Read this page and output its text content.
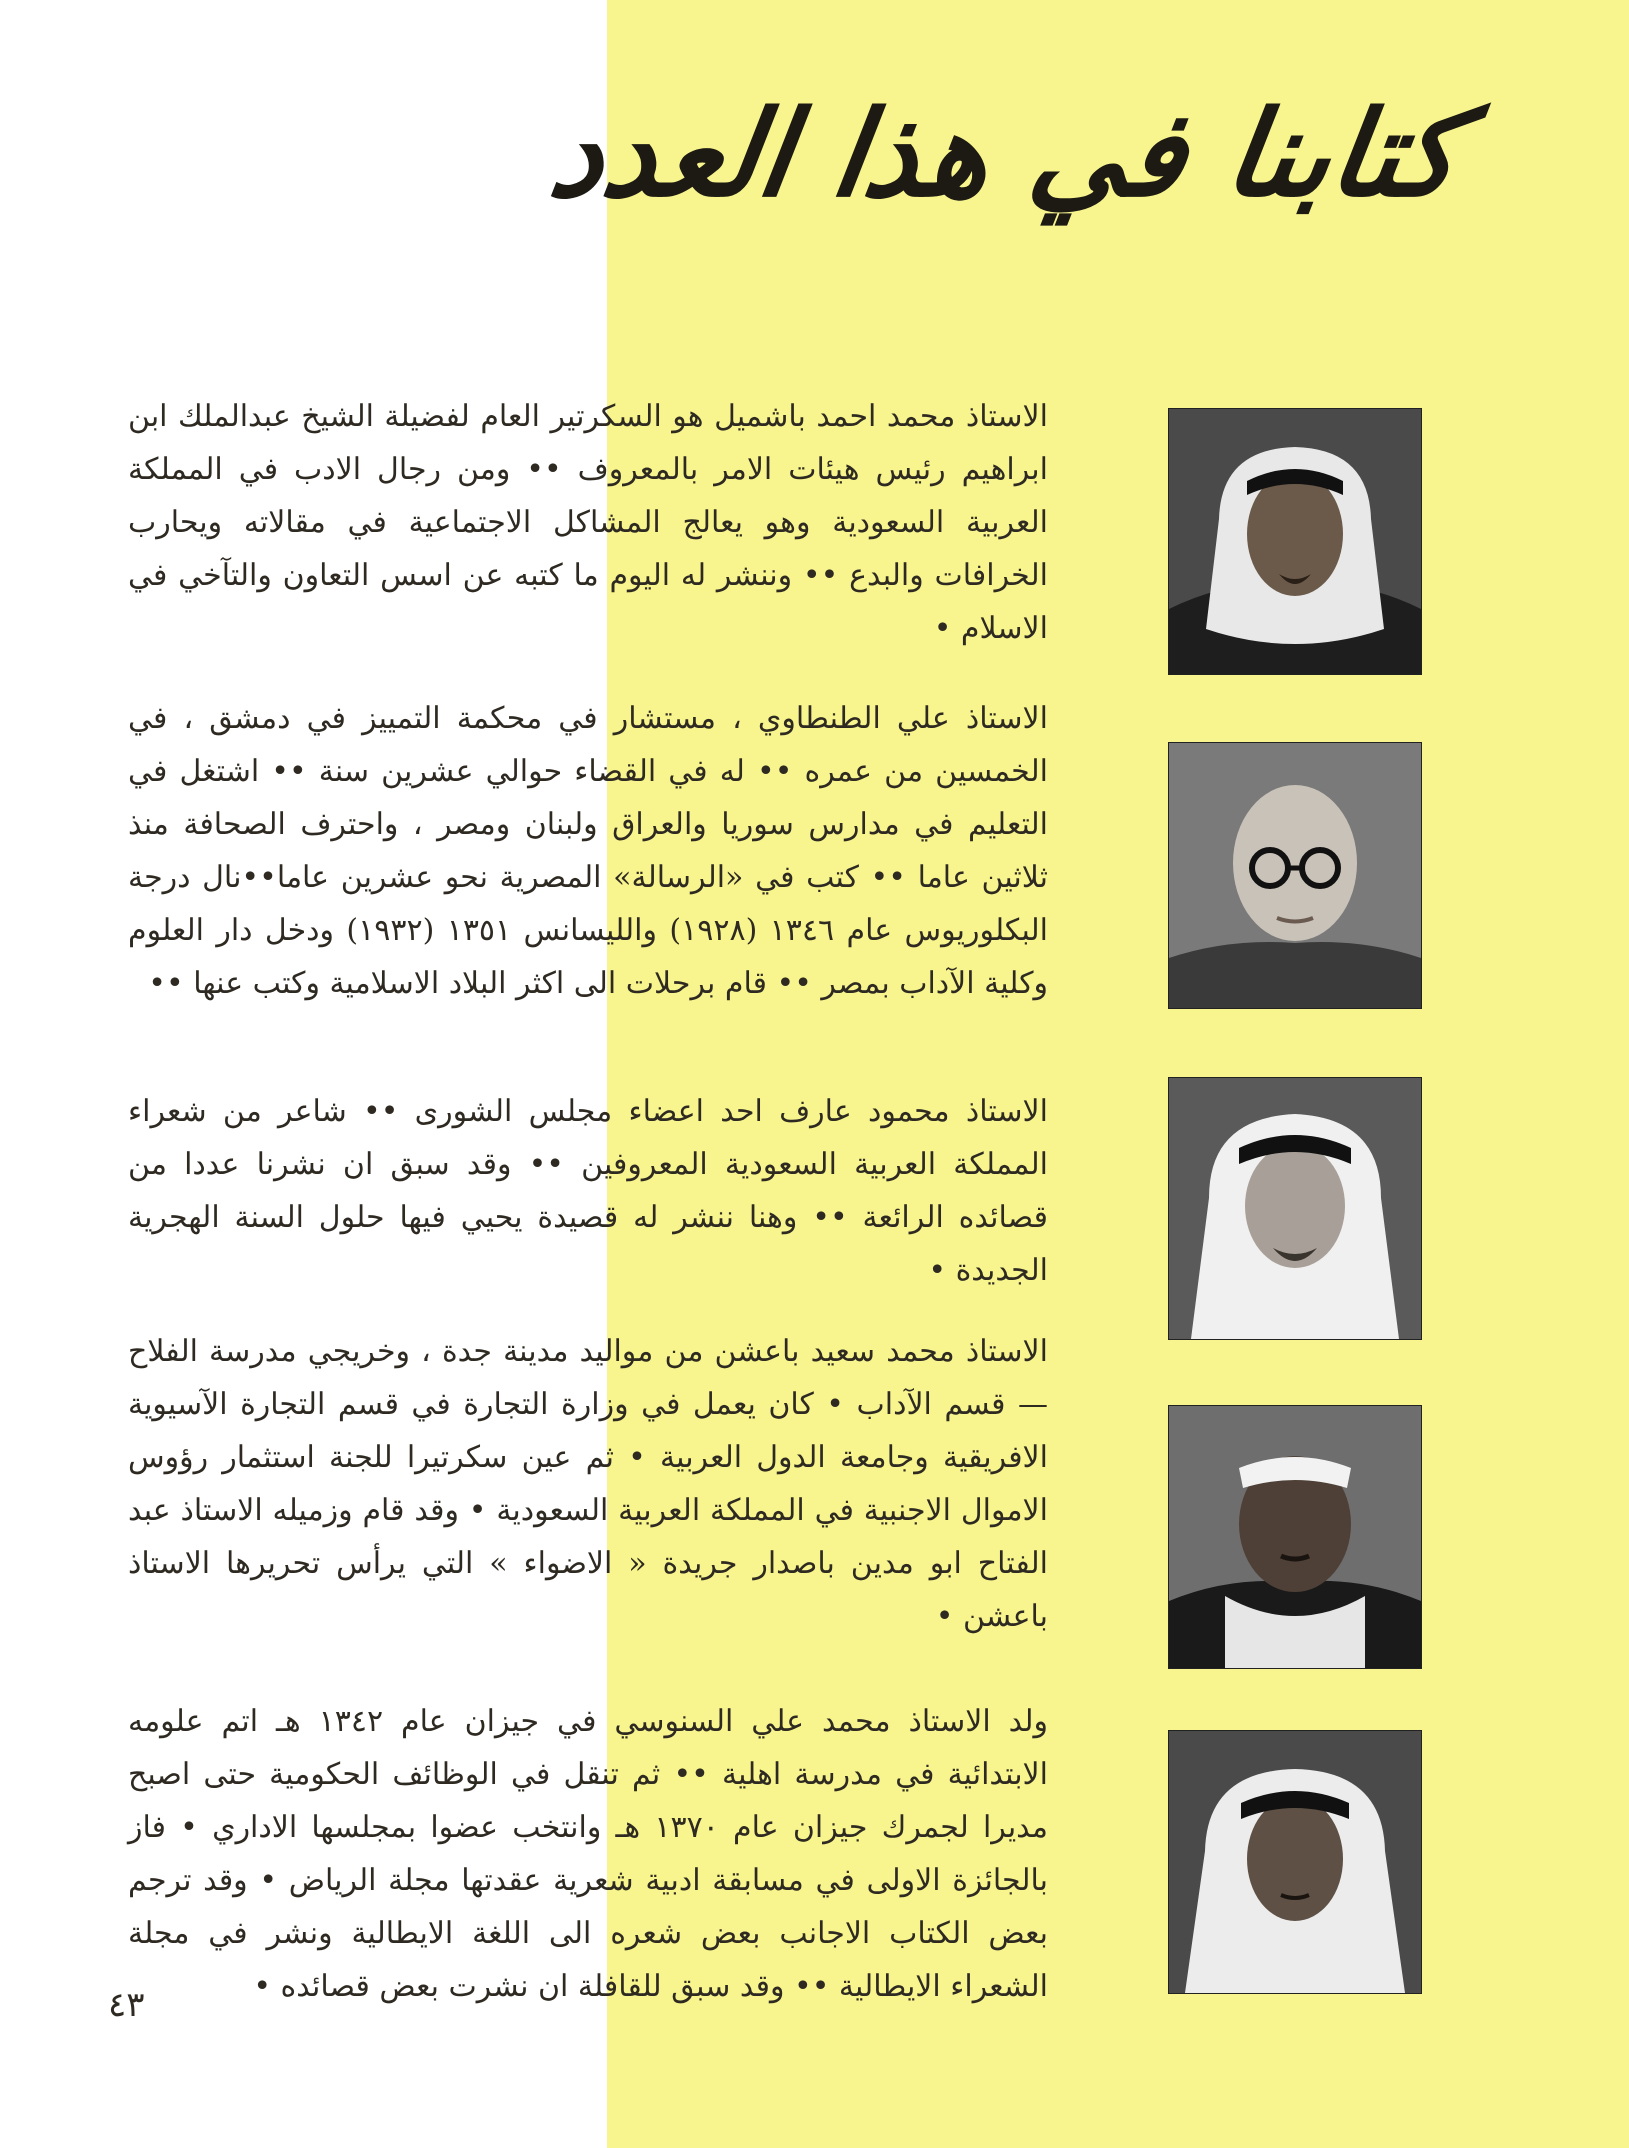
كتابنا في هذا العدد

الاستاذ محمد احمد باشميل هو السكرتير العام لفضيلة الشيخ عبدالملك ابن ابراهيم رئيس هيئات الامر بالمعروف •• ومن رجال الادب في المملكة العربية السعودية وهو يعالج المشاكل الاجتماعية في مقالاته ويحارب الخرافات والبدع •• وننشر له اليوم ما كتبه عن اسس التعاون والتآخي في الاسلام •

الاستاذ علي الطنطاوي ، مستشار في محكمة التمييز في دمشق ، في الخمسين من عمره •• له في القضاء حوالي عشرين سنة •• اشتغل في التعليم في مدارس سوريا والعراق ولبنان ومصر ، واحترف الصحافة منذ ثلاثين عاما •• كتب في «الرسالة» المصرية نحو عشرين عاما••نال درجة البكلوريوس عام ١٣٤٦ (١٩٢٨) والليسانس ١٣٥١ (١٩٣٢) ودخل دار العلوم وكلية الآداب بمصر •• قام برحلات الى اكثر البلاد الاسلامية وكتب عنها ••

الاستاذ محمود عارف احد اعضاء مجلس الشورى •• شاعر من شعراء المملكة العربية السعودية المعروفين •• وقد سبق ان نشرنا عددا من قصائده الرائعة •• وهنا ننشر له قصيدة يحيي فيها حلول السنة الهجرية الجديدة •

الاستاذ محمد سعيد باعشن من مواليد مدينة جدة ، وخريجي مدرسة الفلاح — قسم الآداب • كان يعمل في وزارة التجارة في قسم التجارة الآسيوية الافريقية وجامعة الدول العربية • ثم عين سكرتيرا للجنة استثمار رؤوس الاموال الاجنبية في المملكة العربية السعودية • وقد قام وزميله الاستاذ عبد الفتاح ابو مدين باصدار جريدة « الاضواء » التي يرأس تحريرها الاستاذ باعشن •

ولد الاستاذ محمد علي السنوسي في جيزان عام ١٣٤٢ هـ اتم علومه الابتدائية في مدرسة اهلية •• ثم تنقل في الوظائف الحكومية حتى اصبح مديرا لجمرك جيزان عام ١٣٧٠ هـ وانتخب عضوا بمجلسها الاداري • فاز بالجائزة الاولى في مسابقة ادبية شعرية عقدتها مجلة الرياض • وقد ترجم بعض الكتاب الاجانب بعض شعره الى اللغة الايطالية ونشر في مجلة الشعراء الايطالية •• وقد سبق للقافلة ان نشرت بعض قصائده •

٤٣
